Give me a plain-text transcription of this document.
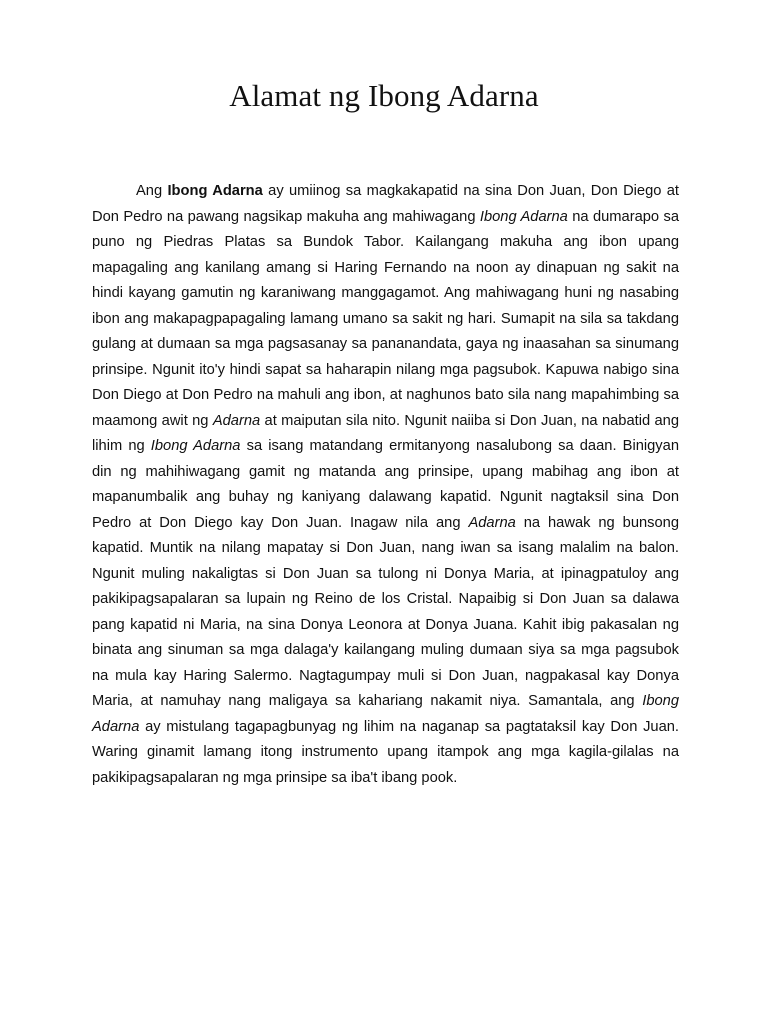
Alamat ng Ibong Adarna

Ang Ibong Adarna ay umiinog sa magkakapatid na sina Don Juan, Don Diego at Don Pedro na pawang nagsikap makuha ang mahiwagang Ibong Adarna na dumarapo sa puno ng Piedras Platas sa Bundok Tabor. Kailangang makuha ang ibon upang mapagaling ang kanilang amang si Haring Fernando na noon ay dinapuan ng sakit na hindi kayang gamutin ng karaniwang manggagamot. Ang mahiwagang huni ng nasabing ibon ang makapagpapagaling lamang umano sa sakit ng hari. Sumapit na sila sa takdang gulang at dumaan sa mga pagsasanay sa pananandata, gaya ng inaasahan sa sinumang prinsipe. Ngunit ito'y hindi sapat sa haharapin nilang mga pagsubok. Kapuwa nabigo sina Don Diego at Don Pedro na mahuli ang ibon, at naghunos bato sila nang mapahimbing sa maamong awit ng Adarna at maiputan sila nito. Ngunit naiiba si Don Juan, na nabatid ang lihim ng Ibong Adarna sa isang matandang ermitanyong nasalubong sa daan. Binigyan din ng mahihiwagang gamit ng matanda ang prinsipe, upang mabihag ang ibon at mapanumbalik ang buhay ng kaniyang dalawang kapatid. Ngunit nagtaksil sina Don Pedro at Don Diego kay Don Juan. Inagaw nila ang Adarna na hawak ng bunsong kapatid. Muntik na nilang mapatay si Don Juan, nang iwan sa isang malalim na balon. Ngunit muling nakaligtas si Don Juan sa tulong ni Donya Maria, at ipinagpatuloy ang pakikipagsapalaran sa lupain ng Reino de los Cristal. Napaibig si Don Juan sa dalawa pang kapatid ni Maria, na sina Donya Leonora at Donya Juana. Kahit ibig pakasalan ng binata ang sinuman sa mga dalaga'y kailangang muling dumaan siya sa mga pagsubok na mula kay Haring Salermo. Nagtagumpay muli si Don Juan, nagpakasal kay Donya Maria, at namuhay nang maligaya sa kahariang nakamit niya. Samantala, ang Ibong Adarna ay mistulang tagapagbunyag ng lihim na naganap sa pagtataksil kay Don Juan. Waring ginamit lamang itong instrumento upang itampok ang mga kagila-gilalas na pakikipagsapalaran ng mga prinsipe sa iba't ibang pook.
